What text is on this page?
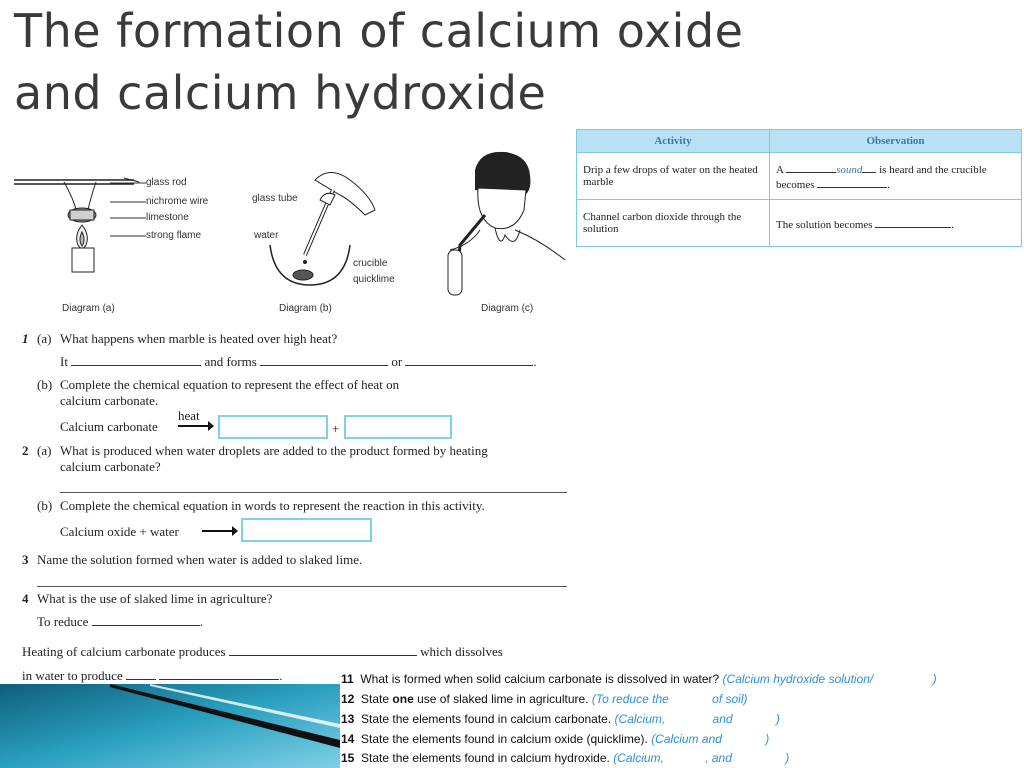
The formation of calcium oxide
and calcium hydroxide
glass rod
nichrome wire
limestone
strong flame
Diagram (a)
glass tube
water
crucible
quicklime
Diagram (b)	Diagram (c)
Activity	Observation
Drip a few drops of water on the heated marble	A sound is heard and the crucible becomes .
Channel carbon dioxide through the solution	The solution becomes .
1 (a) What happens when marble is heated over high heat?
It	and forms	or	.
(b) Complete the chemical equation to represent the effect of heat on
calcium carbonate.
Calcium carbonate
heat
+
2 (a) What is produced when water droplets are added to the product formed by heating
calcium carbonate?
(b) Complete the chemical equation in words to represent the reaction in this activity.
Calcium oxide + water
3 Name the solution formed when water is added to slaked lime.
4 What is the use of slaked lime in agriculture?
To reduce	.
Heating of calcium carbonate produces	which dissolves
in water to produce	.	11 What is formed when solid calcium carbonate is dissolved in water? (Calcium hydroxide solution/	)
12 State one use of slaked lime in agriculture. (To reduce the	of soil)
13 State the elements found in calcium carbonate. (Calcium,	and	)
14 State the elements found in calcium oxide (quicklime). (Calcium and	)
15 State the elements found in calcium hydroxide. (Calcium,	, and	)
